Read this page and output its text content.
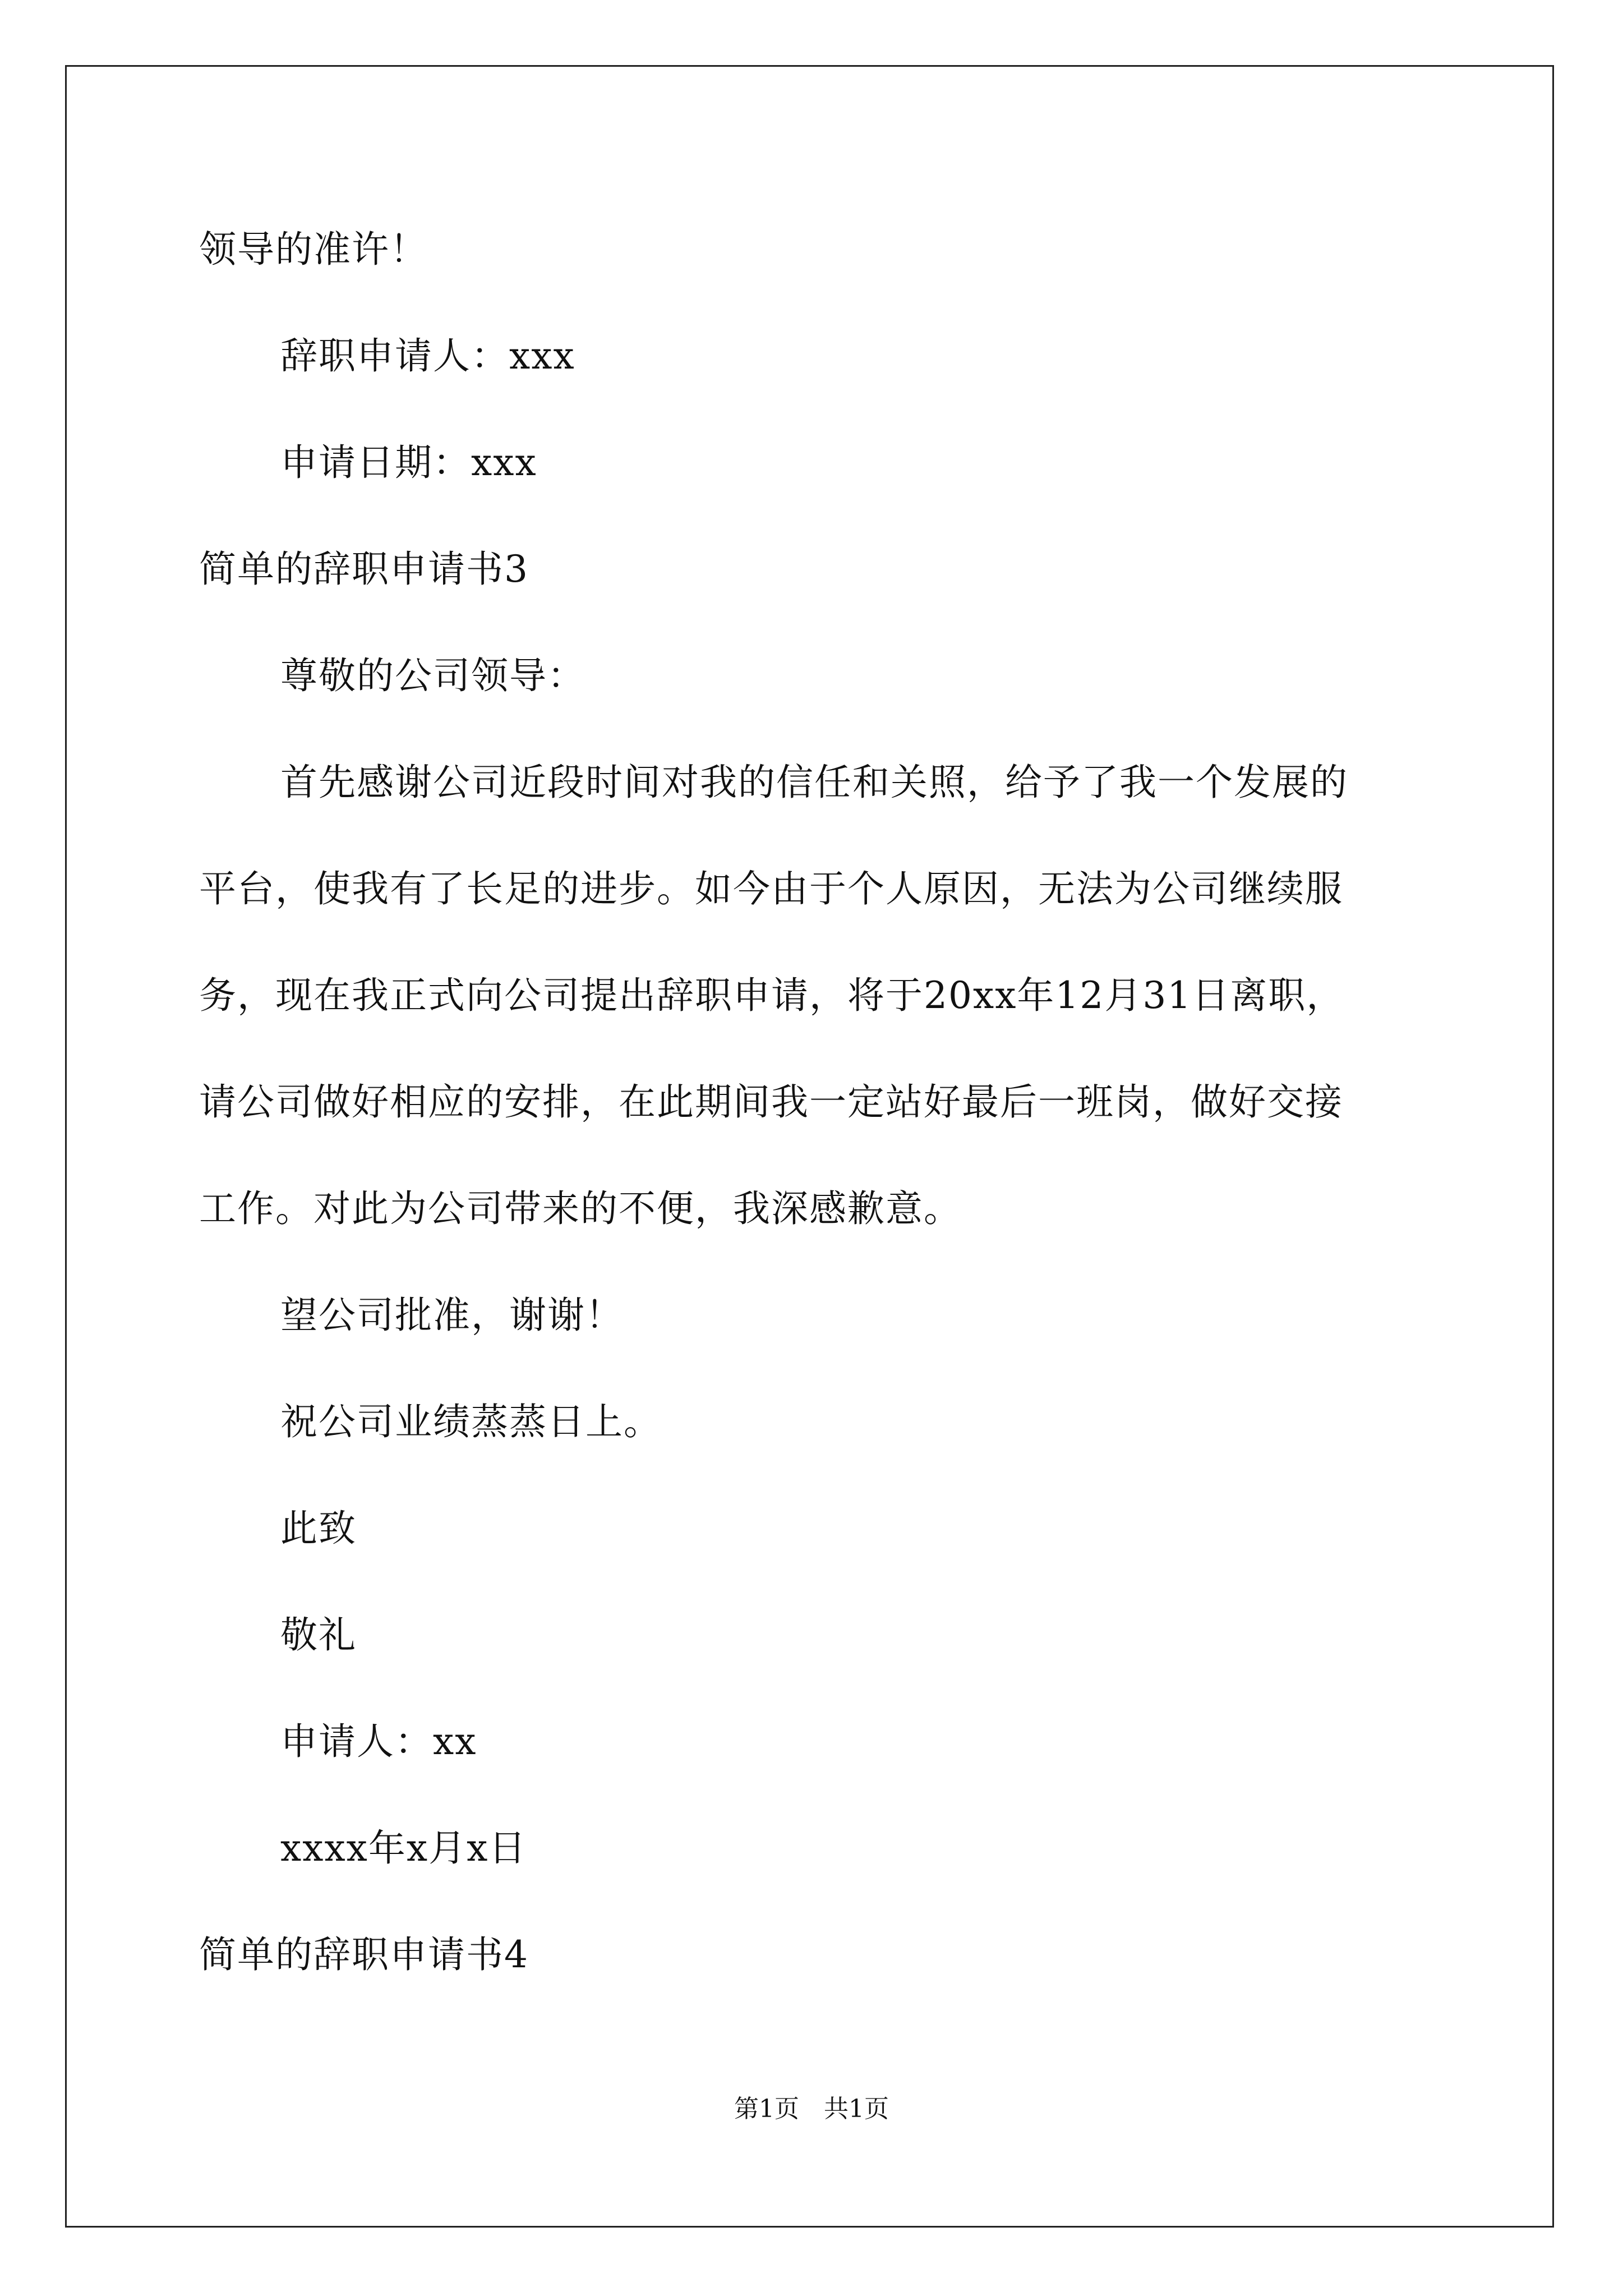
领导的准许！
辞职申请人：xxx
申请日期：xxx
简单的辞职申请书3
尊敬的公司领导：
首先感谢公司近段时间对我的信任和关照，给予了我一个发展的
平台，使我有了长足的进步。如今由于个人原因，无法为公司继续服
务，现在我正式向公司提出辞职申请，将于20xx年12月31日离职，
请公司做好相应的安排，在此期间我一定站好最后一班岗，做好交接
工作。对此为公司带来的不便，我深感歉意。
望公司批准，谢谢！
祝公司业绩蒸蒸日上。
此致
敬礼
申请人：xx
xxxx年x月x日
简单的辞职申请书4
第1页　共1页
